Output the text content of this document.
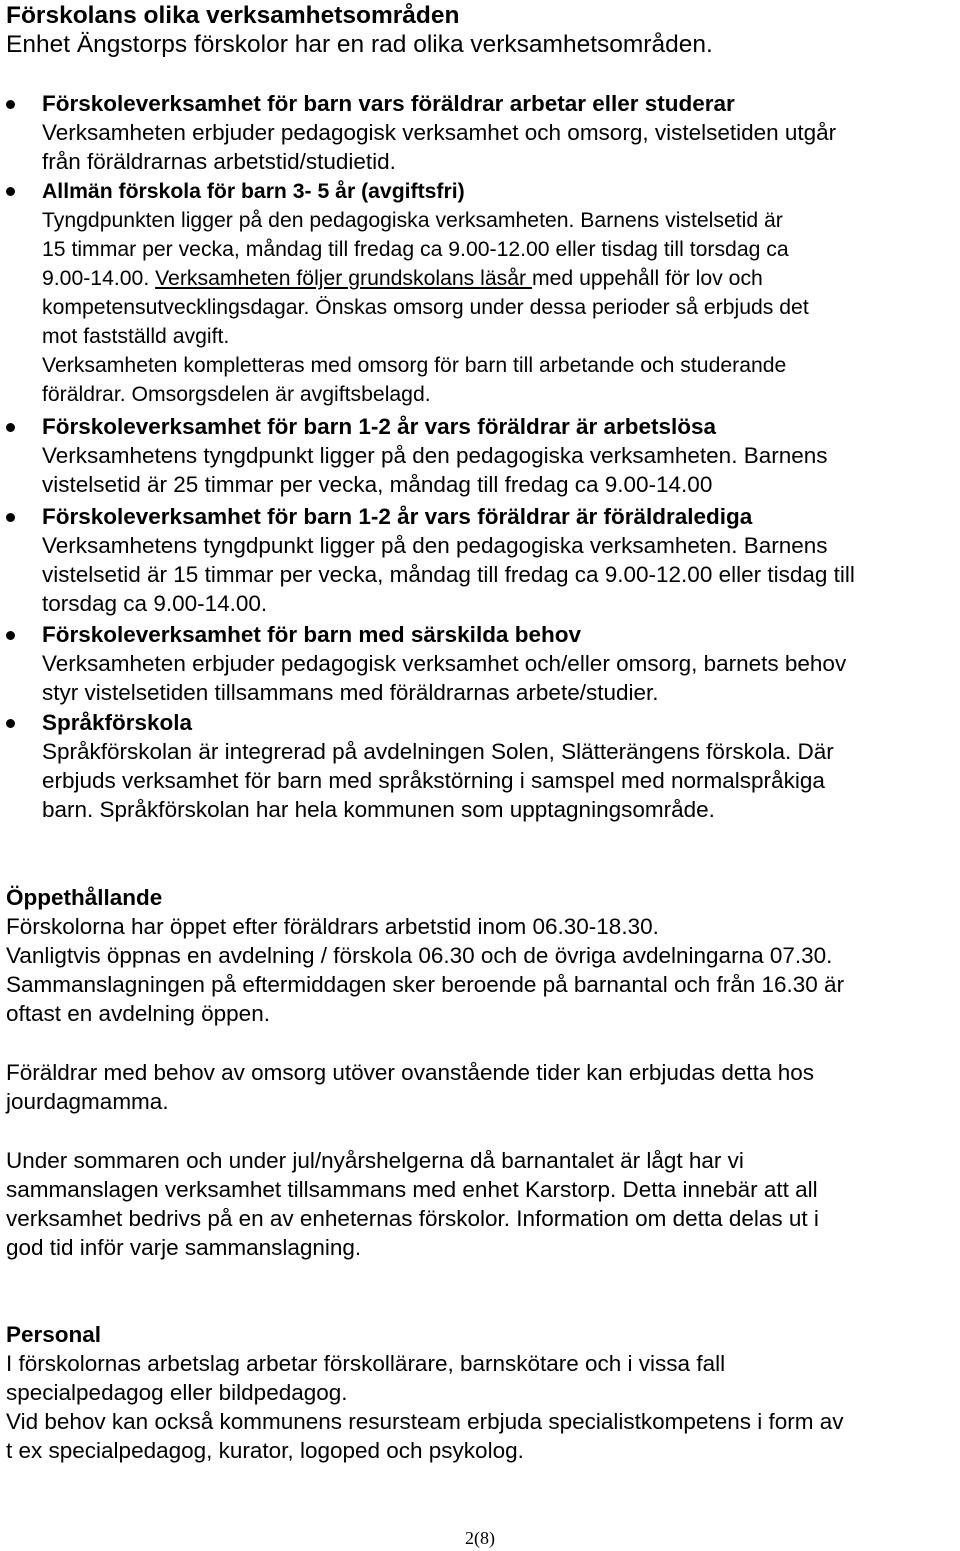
Förskolans olika verksamhetsområden
Enhet Ängstorps förskolor har en rad olika verksamhetsområden.
Förskoleverksamhet för barn vars föräldrar arbetar eller studerar
Verksamheten erbjuder pedagogisk verksamhet och omsorg, vistelsetiden utgår
från föräldrarnas arbetstid/studietid.
Allmän förskola för barn 3- 5 år (avgiftsfri)
Tyngdpunkten ligger på den pedagogiska verksamheten. Barnens vistelsetid är
15 timmar per vecka, måndag till fredag ca 9.00-12.00 eller tisdag till torsdag ca
9.00-14.00. Verksamheten följer grundskolans läsår med uppehåll för lov och
kompetensutvecklingsdagar. Önskas omsorg under dessa perioder så erbjuds det
mot fastställd avgift.
Verksamheten kompletteras med omsorg för barn till arbetande och studerande
föräldrar. Omsorgsdelen är avgiftsbelagd.
Förskoleverksamhet för barn 1-2 år vars föräldrar är arbetslösa
Verksamhetens tyngdpunkt ligger på den pedagogiska verksamheten. Barnens
vistelsetid är 25 timmar per vecka, måndag till fredag ca 9.00-14.00
Förskoleverksamhet för barn 1-2 år vars föräldrar är föräldralediga
Verksamhetens tyngdpunkt ligger på den pedagogiska verksamheten. Barnens
vistelsetid är 15 timmar per vecka, måndag till fredag ca 9.00-12.00 eller tisdag till
torsdag ca 9.00-14.00.
Förskoleverksamhet för barn med särskilda behov
Verksamheten erbjuder pedagogisk verksamhet och/eller omsorg, barnets behov
styr vistelsetiden tillsammans med föräldrarnas arbete/studier.
Språkförskola
Språkförskolan är integrerad på avdelningen Solen, Slätterängens förskola. Där
erbjuds verksamhet för barn med språkstörning i samspel med normalspråkiga
barn. Språkförskolan har hela kommunen som upptagningsområde.
Öppethållande
Förskolorna har öppet efter föräldrars arbetstid inom 06.30-18.30.
Vanligtvis öppnas en avdelning / förskola 06.30 och de övriga avdelningarna 07.30.
Sammanslagningen på eftermiddagen sker beroende på barnantal och från 16.30 är
oftast en avdelning öppen.
Föräldrar med behov av omsorg utöver ovanstående tider kan erbjudas detta hos
jourdagmamma.
Under sommaren och under jul/nyårshelgerna då barnantalet är lågt har vi
sammanslagen verksamhet tillsammans med enhet Karstorp. Detta innebär att all
verksamhet bedrivs på en av enheternas förskolor. Information om detta delas ut i
god tid inför varje sammanslagning.
Personal
I förskolornas arbetslag arbetar förskollärare, barnskötare och i vissa fall
specialpedagog eller bildpedagog.
Vid behov kan också kommunens resursteam erbjuda specialistkompetens i form av
t ex specialpedagog, kurator, logoped och psykolog.
2(8)
